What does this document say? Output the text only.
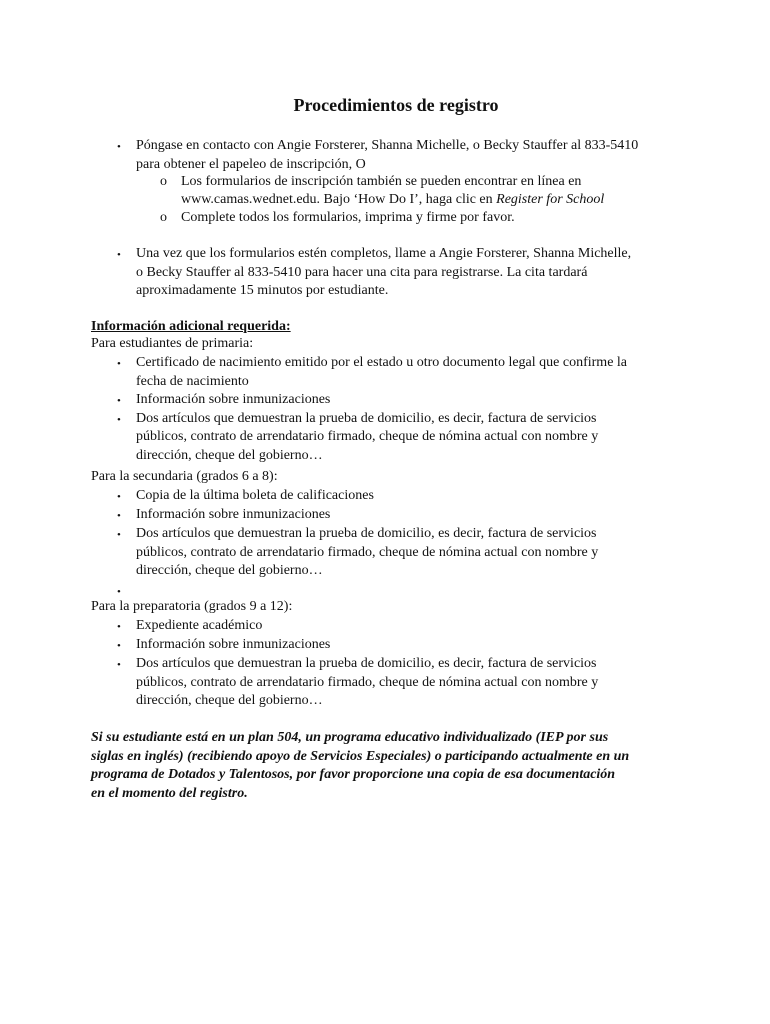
Procedimientos de registro
• Póngase en contacto con Angie Forsterer, Shanna Michelle, o Becky Stauffer al 833-5410
para obtener el papeleo de inscripción, O
o Los formularios de inscripción también se pueden encontrar en línea en
www.camas.wednet.edu. Bajo ‘How Do I’, haga clic en Register for School
o Complete todos los formularios, imprima y firme por favor.
• Una vez que los formularios estén completos, llame a Angie Forsterer, Shanna Michelle,
o Becky Stauffer al 833-5410 para hacer una cita para registrarse. La cita tardará
aproximadamente 15 minutos por estudiante.
Información adicional requerida:
Para estudiantes de primaria:
• Certificado de nacimiento emitido por el estado u otro documento legal que confirme la
fecha de nacimiento
• Información sobre inmunizaciones
• Dos artículos que demuestran la prueba de domicilio, es decir, factura de servicios
públicos, contrato de arrendatario firmado, cheque de nómina actual con nombre y
dirección, cheque del gobierno…
Para la secundaria (grados 6 a 8):
• Copia de la última boleta de calificaciones
• Información sobre inmunizaciones
• Dos artículos que demuestran la prueba de domicilio, es decir, factura de servicios
públicos, contrato de arrendatario firmado, cheque de nómina actual con nombre y
dirección, cheque del gobierno…
•
Para la preparatoria (grados 9 a 12):
• Expediente académico
• Información sobre inmunizaciones
• Dos artículos que demuestran la prueba de domicilio, es decir, factura de servicios
públicos, contrato de arrendatario firmado, cheque de nómina actual con nombre y
dirección, cheque del gobierno…
Si su estudiante está en un plan 504, un programa educativo individualizado (IEP por sus
siglas en inglés) (recibiendo apoyo de Servicios Especiales) o participando actualmente en un
programa de Dotados y Talentosos, por favor proporcione una copia de esa documentación
en el momento del registro.
